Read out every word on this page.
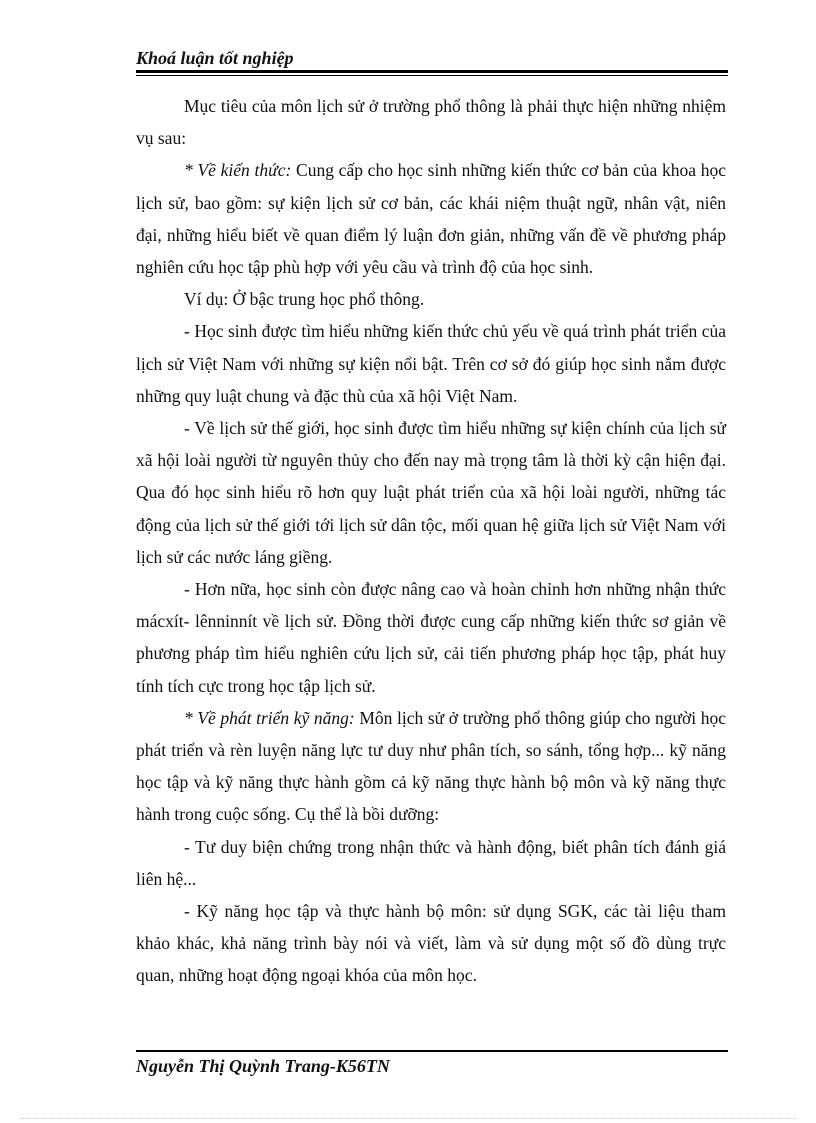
Khoá luận tốt nghiệp

Mục tiêu của môn lịch sử ở trường phổ thông là phải thực hiện những nhiệm vụ sau:

* Về kiến thức: Cung cấp cho học sinh những kiến thức cơ bản của khoa học lịch sử, bao gồm: sự kiện lịch sử cơ bản, các khái niệm thuật ngữ, nhân vật, niên đại, những hiểu biết về quan điểm lý luận đơn giản, những vấn đề về phương pháp nghiên cứu học tập phù hợp với yêu cầu và trình độ của học sinh.

Ví dụ: Ở bậc trung học phổ thông.

- Học sinh được tìm hiểu những kiến thức chủ yếu về quá trình phát triển của lịch sử Việt Nam với những sự kiện nổi bật. Trên cơ sở đó giúp học sinh nắm được những quy luật chung và đặc thù của xã hội Việt Nam.

- Về lịch sử thế giới, học sinh được tìm hiểu những sự kiện chính của lịch sử xã hội loài người từ nguyên thủy cho đến nay mà trọng tâm là thời kỳ cận hiện đại. Qua đó học sinh hiểu rõ hơn quy luật phát triển của xã hội loài người, những tác động của lịch sử thế giới tới lịch sử dân tộc, mối quan hệ giữa lịch sử Việt Nam với lịch sử các nước láng giềng.

- Hơn nữa, học sinh còn được nâng cao và hoàn chỉnh hơn những nhận thức mácxít- lênninnít về lịch sử. Đồng thời được cung cấp những kiến thức sơ giản về phương pháp tìm hiểu nghiên cứu lịch sử, cải tiến phương pháp học tập, phát huy tính tích cực trong học tập lịch sử.

* Về phát triển kỹ năng: Môn lịch sử ở trường phổ thông giúp cho người học phát triển và rèn luyện năng lực tư duy như phân tích, so sánh, tổng hợp... kỹ năng học tập và kỹ năng thực hành gồm cả kỹ năng thực hành bộ môn và kỹ năng thực hành trong cuộc sống. Cụ thể là bồi dưỡng:

- Tư duy biện chứng trong nhận thức và hành động, biết phân tích đánh giá liên hệ...

- Kỹ năng học tập và thực hành bộ môn: sử dụng SGK, các tài liệu tham khảo khác, khả năng trình bày nói và viết, làm và sử dụng một số đồ dùng trực quan, những hoạt động ngoại khóa của môn học.

Nguyễn Thị Quỳnh Trang-K56TN
